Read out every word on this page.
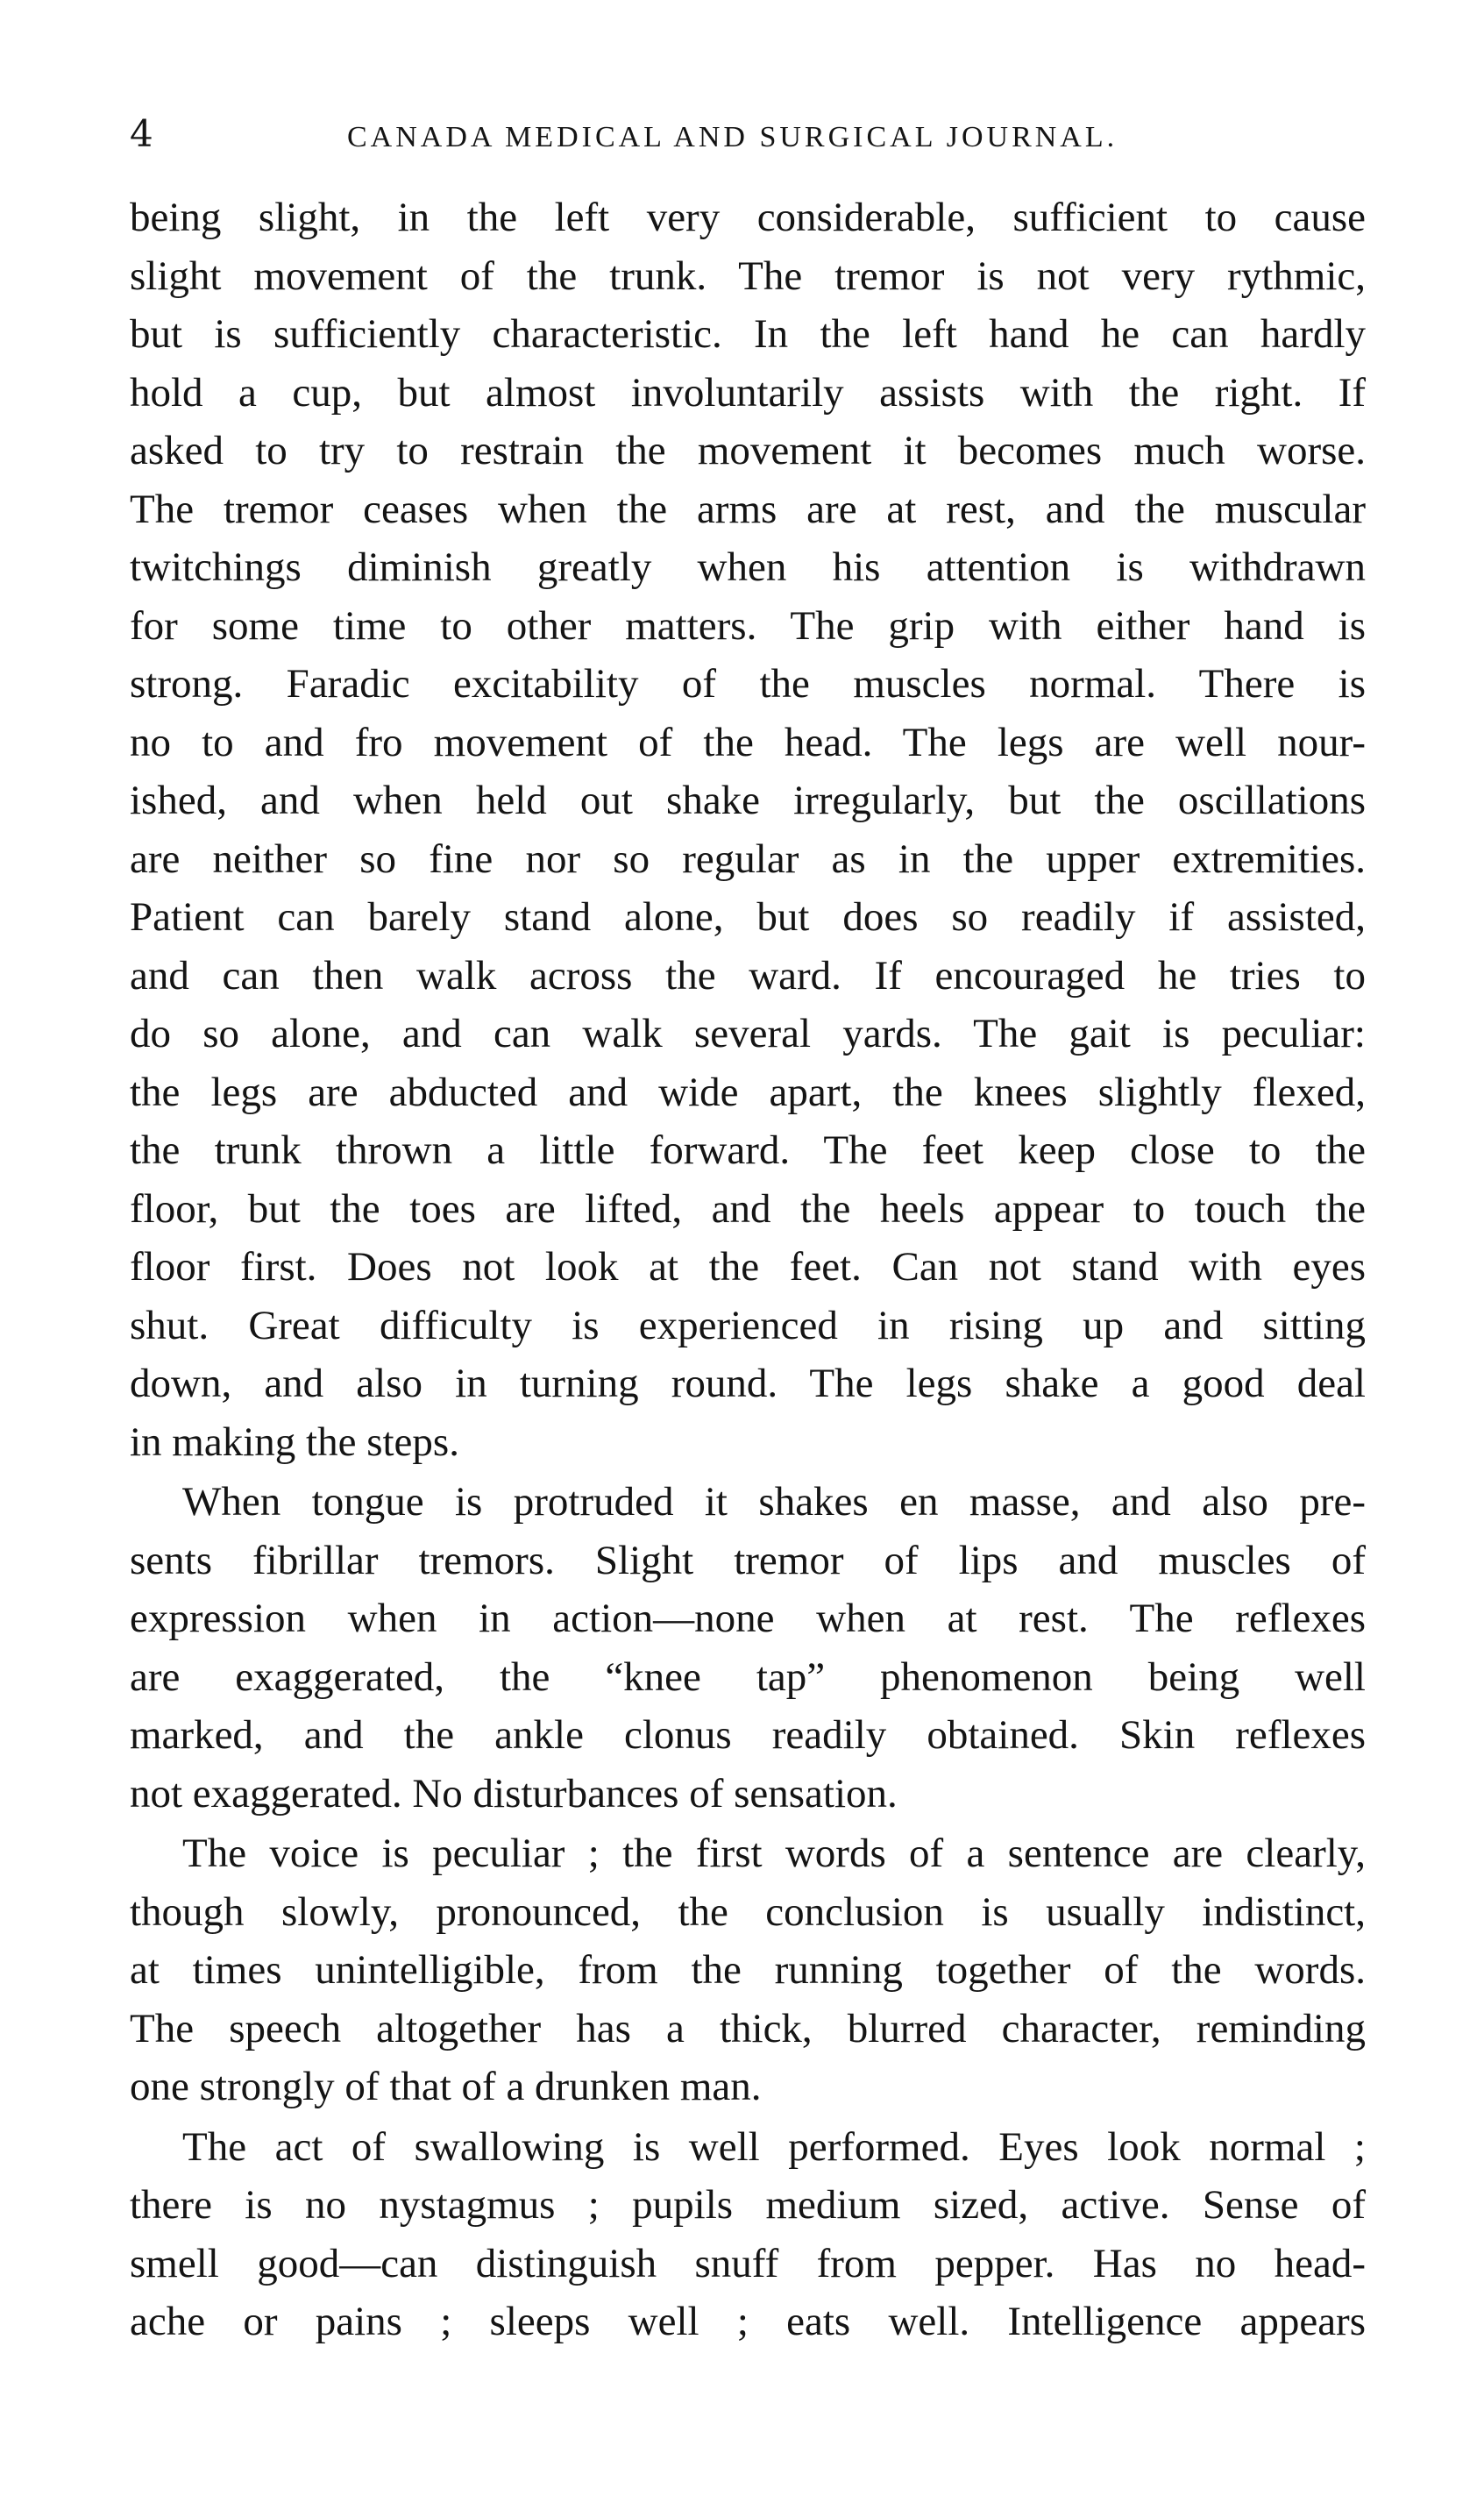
4	CANADA MEDICAL AND SURGICAL JOURNAL.
being slight, in the left very considerable, sufficient to cause
slight movement of the trunk. The tremor is not very rythmic,
but is sufficiently characteristic. In the left hand he can hardly
hold a cup, but almost involuntarily assists with the right. If
asked to try to restrain the movement it becomes much worse.
The tremor ceases when the arms are at rest, and the muscular
twitchings diminish greatly when his attention is withdrawn
for some time to other matters. The grip with either hand is
strong. Faradic excitability of the muscles normal. There is
no to and fro movement of the head. The legs are well nour-
ished, and when held out shake irregularly, but the oscillations
are neither so fine nor so regular as in the upper extremities.
Patient can barely stand alone, but does so readily if assisted,
and can then walk across the ward. If encouraged he tries to
do so alone, and can walk several yards. The gait is peculiar:
the legs are abducted and wide apart, the knees slightly flexed,
the trunk thrown a little forward. The feet keep close to the
floor, but the toes are lifted, and the heels appear to touch the
floor first. Does not look at the feet. Can not stand with eyes
shut. Great difficulty is experienced in rising up and sitting
down, and also in turning round. The legs shake a good deal
in making the steps.
When tongue is protruded it shakes en masse, and also pre-
sents fibrillar tremors. Slight tremor of lips and muscles of
expression when in action—none when at rest. The reflexes
are exaggerated, the “knee tap” phenomenon being well
marked, and the ankle clonus readily obtained. Skin reflexes
not exaggerated. No disturbances of sensation.
The voice is peculiar ; the first words of a sentence are clearly,
though slowly, pronounced, the conclusion is usually indistinct,
at times unintelligible, from the running together of the words.
The speech altogether has a thick, blurred character, reminding
one strongly of that of a drunken man.
The act of swallowing is well performed. Eyes look normal ;
there is no nystagmus ; pupils medium sized, active. Sense of
smell good—can distinguish snuff from pepper. Has no head-
ache or pains ; sleeps well ; eats well. Intelligence appears
